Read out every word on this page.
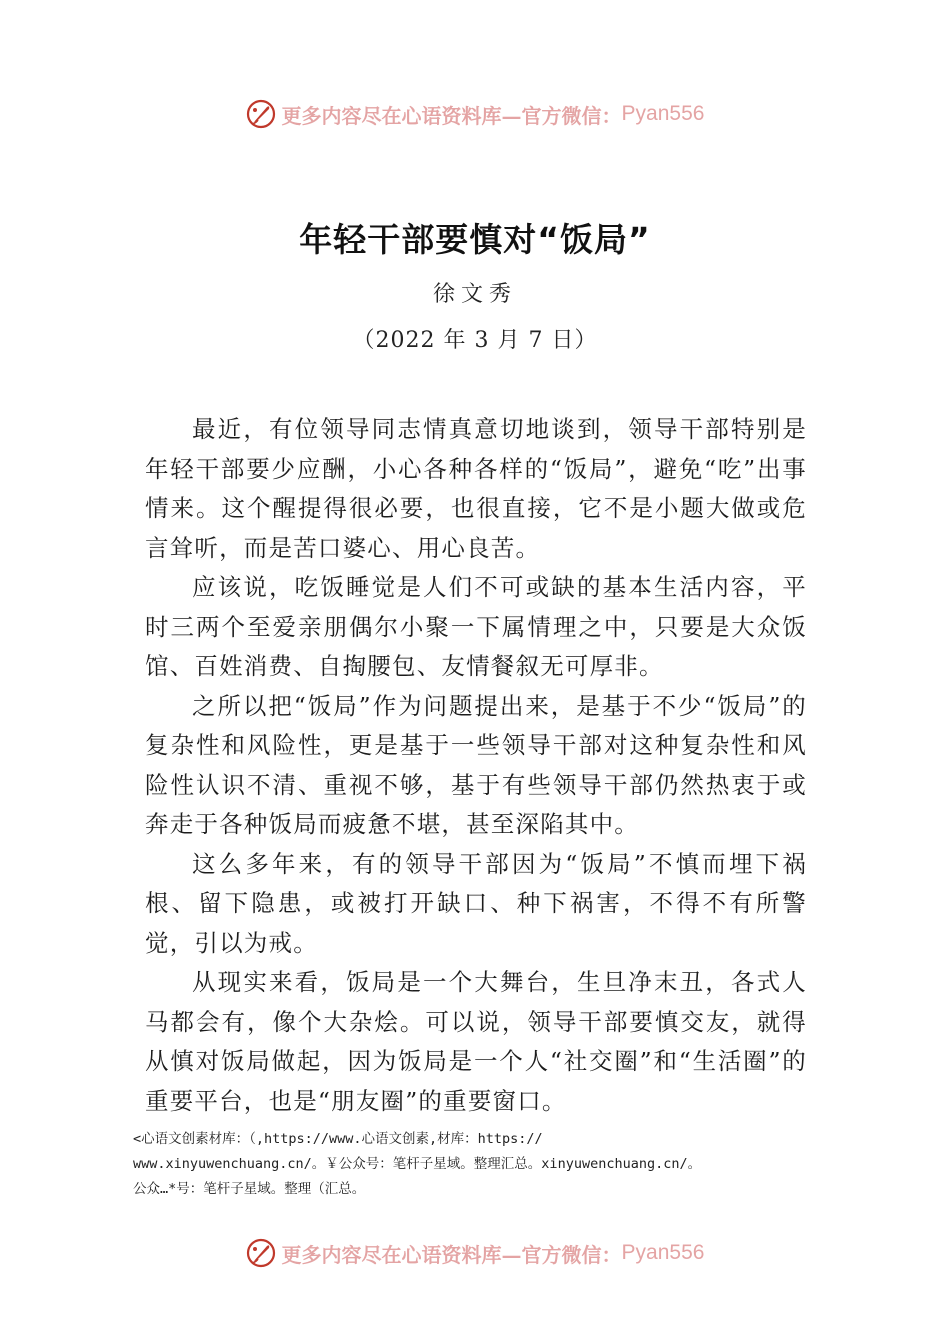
更多内容尽在心语资料库—官方微信： Pyan556
年轻干部要慎对“饭局”
徐文秀
（2022 年 3 月 7 日）

最近，有位领导同志情真意切地谈到，领导干部特别是年轻干部要少应酬，小心各种各样的“饭局”，避免“吃”出事情来。这个醒提得很必要，也很直接，它不是小题大做或危言耸听，而是苦口婆心、用心良苦。

应该说，吃饭睡觉是人们不可或缺的基本生活内容，平时三两个至爱亲朋偶尔小聚一下属情理之中，只要是大众饭馆、百姓消费、自掏腰包、友情餐叙无可厚非。

之所以把“饭局”作为问题提出来，是基于不少“饭局”的复杂性和风险性，更是基于一些领导干部对这种复杂性和风险性认识不清、重视不够，基于有些领导干部仍然热衷于或奔走于各种饭局而疲惫不堪，甚至深陷其中。

这么多年来，有的领导干部因为“饭局”不慎而埋下祸根、留下隐患，或被打开缺口、种下祸害，不得不有所警觉，引以为戒。

从现实来看，饭局是一个大舞台，生旦净末丑，各式人马都会有，像个大杂烩。可以说，领导干部要慎交友，就得从慎对饭局做起，因为饭局是一个人“社交圈”和“生活圈”的重要平台，也是“朋友圈”的重要窗口。

<心语文创素材库：（,https://www.心语文创素,材库：https://
www.xinyuwenchuang.cn/。￥公众号：笔杆子星域。整理汇总。xinyuwenchuang.cn/。
公众…*号：笔杆子星域。整理（汇总。
更多内容尽在心语资料库—官方微信： Pyan556
